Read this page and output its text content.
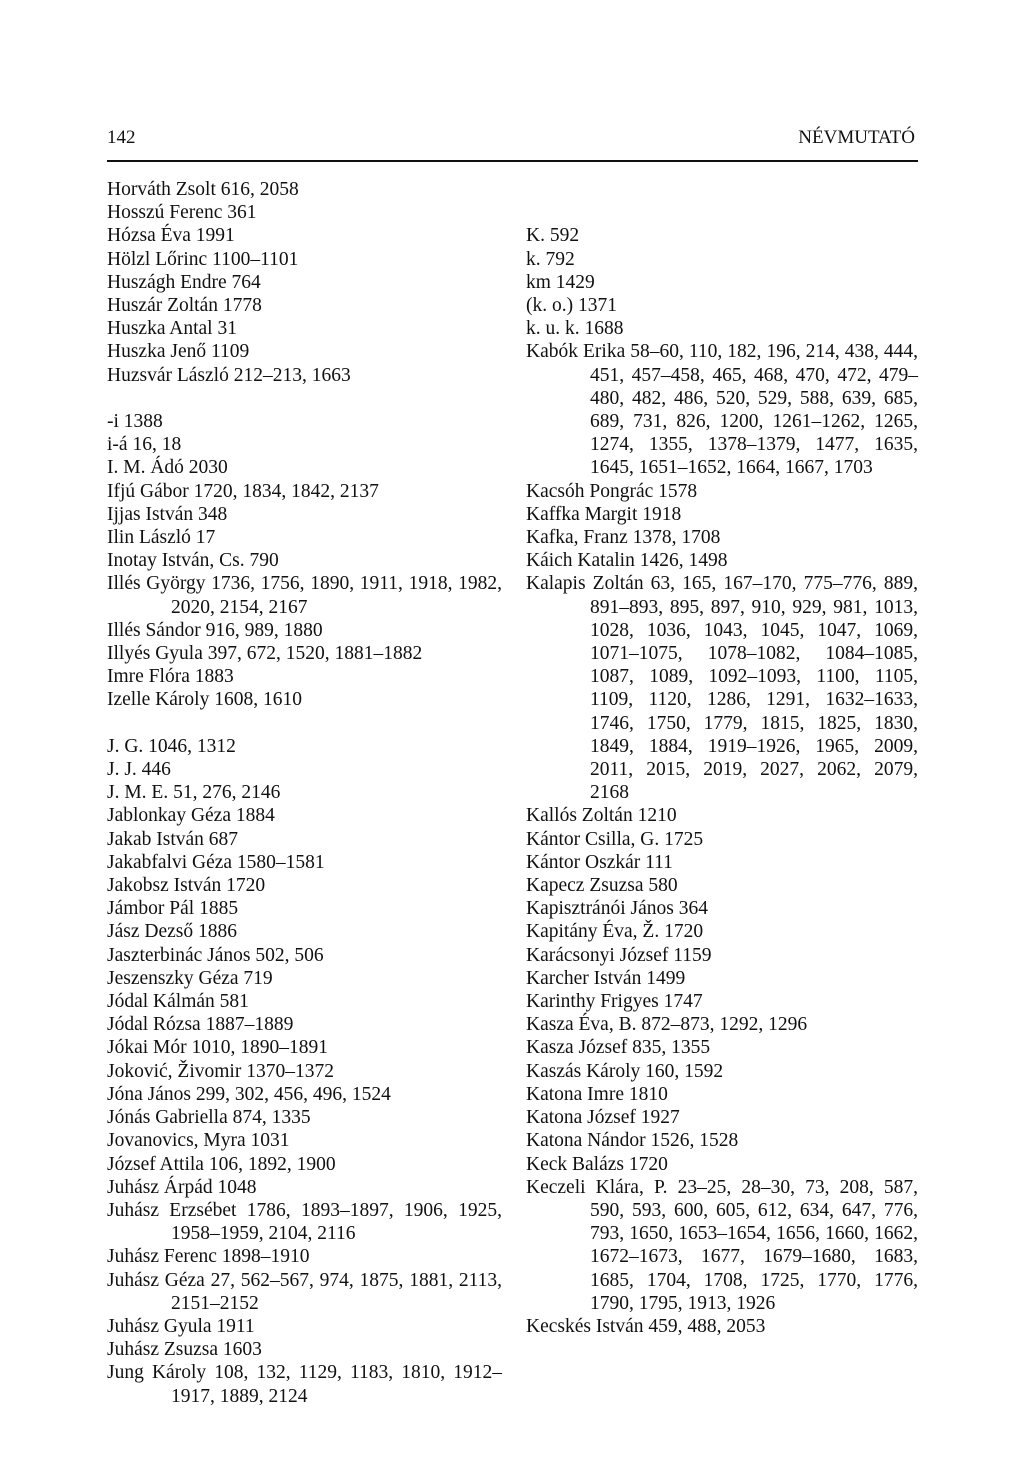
142	NÉVMUTATÓ
Horváth Zsolt 616, 2058
Hosszú Ferenc 361
Hózsa Éva 1991
Hölzl Lőrinc 1100–1101
Huszágh Endre 764
Huszár Zoltán 1778
Huszka Antal 31
Huszka Jenő 1109
Huzsvár László 212–213, 1663
-i 1388
i-á 16, 18
I. M. Ádó 2030
Ifjú Gábor 1720, 1834, 1842, 2137
Ijjas István 348
Ilin László 17
Inotay István, Cs. 790
Illés György 1736, 1756, 1890, 1911, 1918, 1982, 2020, 2154, 2167
Illés Sándor 916, 989, 1880
Illyés Gyula 397, 672, 1520, 1881–1882
Imre Flóra 1883
Izelle Károly 1608, 1610
J. G. 1046, 1312
J. J. 446
J. M. E. 51, 276, 2146
Jablonkay Géza 1884
Jakab István 687
Jakabfalvi Géza 1580–1581
Jakobsz István 1720
Jámbor Pál 1885
Jász Dezső 1886
Jaszterbinác János 502, 506
Jeszenszky Géza 719
Jódal Kálmán 581
Jódal Rózsa 1887–1889
Jókai Mór 1010, 1890–1891
Joković, Živomir 1370–1372
Jóna János 299, 302, 456, 496, 1524
Jónás Gabriella 874, 1335
Jovanovics, Myra 1031
József Attila 106, 1892, 1900
Juhász Árpád 1048
Juhász Erzsébet 1786, 1893–1897, 1906, 1925, 1958–1959, 2104, 2116
Juhász Ferenc 1898–1910
Juhász Géza 27, 562–567, 974, 1875, 1881, 2113, 2151–2152
Juhász Gyula 1911
Juhász Zsuzsa 1603
Jung Károly 108, 132, 1129, 1183, 1810, 1912–1917, 1889, 2124
K. 592
k. 792
km 1429
(k. o.) 1371
k. u. k. 1688
Kabók Erika 58–60, 110, 182, 196, 214, 438, 444, 451, 457–458, 465, 468, 470, 472, 479–480, 482, 486, 520, 529, 588, 639, 685, 689, 731, 826, 1200, 1261–1262, 1265, 1274, 1355, 1378–1379, 1477, 1635, 1645, 1651–1652, 1664, 1667, 1703
Kacsóh Pongrác 1578
Kaffka Margit 1918
Kafka, Franz 1378, 1708
Káich Katalin 1426, 1498
Kalapis Zoltán 63, 165, 167–170, 775–776, 889, 891–893, 895, 897, 910, 929, 981, 1013, 1028, 1036, 1043, 1045, 1047, 1069, 1071–1075, 1078–1082, 1084–1085, 1087, 1089, 1092–1093, 1100, 1105, 1109, 1120, 1286, 1291, 1632–1633, 1746, 1750, 1779, 1815, 1825, 1830, 1849, 1884, 1919–1926, 1965, 2009, 2011, 2015, 2019, 2027, 2062, 2079, 2168
Kallós Zoltán 1210
Kántor Csilla, G. 1725
Kántor Oszkár 111
Kapecz Zsuzsa 580
Kapisztránói János 364
Kapitány Éva, Ž. 1720
Karácsonyi József 1159
Karcher István 1499
Karinthy Frigyes 1747
Kasza Éva, B. 872–873, 1292, 1296
Kasza József 835, 1355
Kaszás Károly 160, 1592
Katona Imre 1810
Katona József 1927
Katona Nándor 1526, 1528
Keck Balázs 1720
Keczeli Klára, P. 23–25, 28–30, 73, 208, 587, 590, 593, 600, 605, 612, 634, 647, 776, 793, 1650, 1653–1654, 1656, 1660, 1662, 1672–1673, 1677, 1679–1680, 1683, 1685, 1704, 1708, 1725, 1770, 1776, 1790, 1795, 1913, 1926
Kecskés István 459, 488, 2053
